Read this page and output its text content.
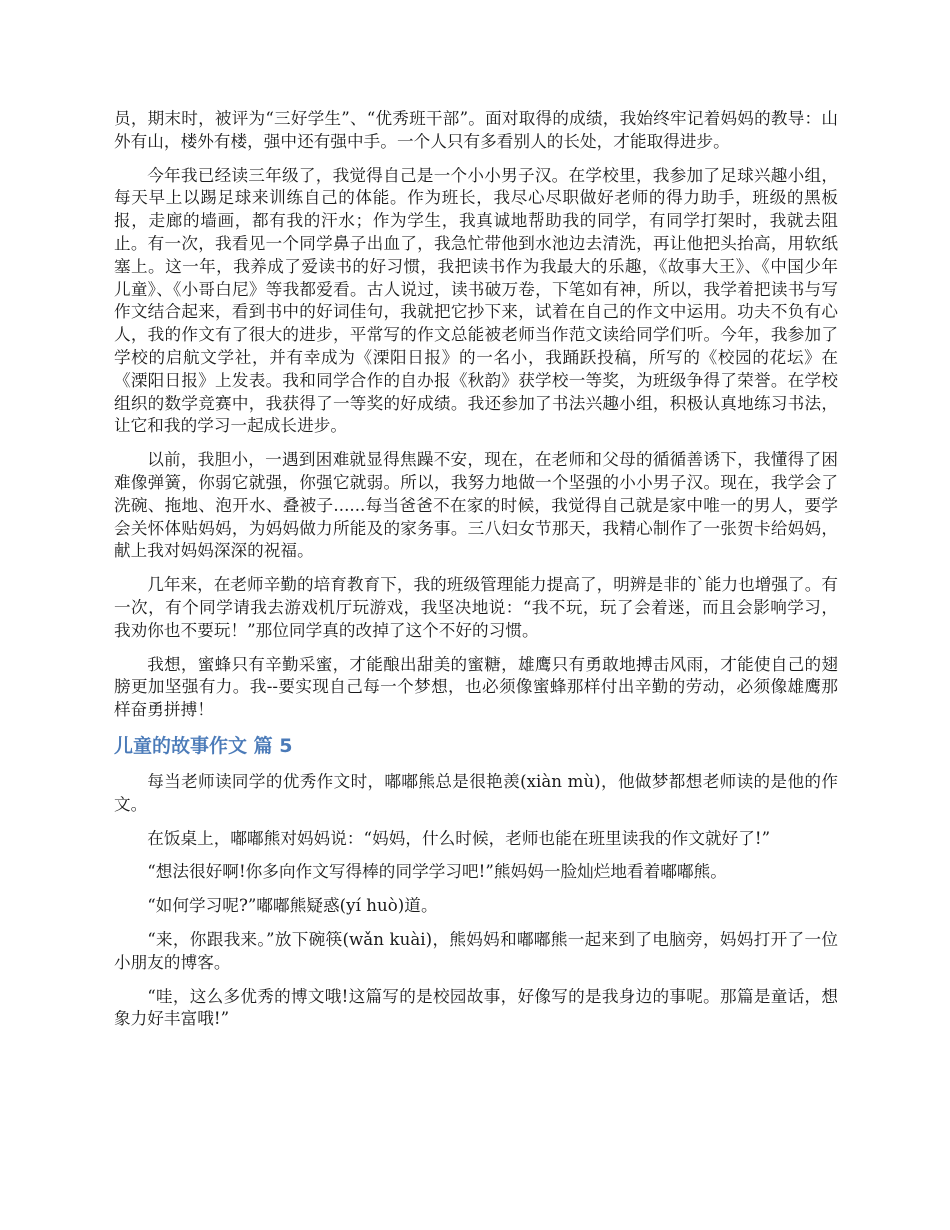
员，期末时，被评为“三好学生”、“优秀班干部”。面对取得的成绩，我始终牢记着妈妈的教导：山外有山，楼外有楼，强中还有强中手。一个人只有多看别人的长处，才能取得进步。

今年我已经读三年级了，我觉得自己是一个小小男子汉。在学校里，我参加了足球兴趣小组，每天早上以踢足球来训练自己的体能。作为班长，我尽心尽职做好老师的得力助手，班级的黑板报，走廊的墙画，都有我的汗水；作为学生，我真诚地帮助我的同学，有同学打架时，我就去阻止。有一次，我看见一个同学鼻子出血了，我急忙带他到水池边去清洗，再让他把头抬高，用软纸塞上。这一年，我养成了爱读书的好习惯，我把读书作为我最大的乐趣，《故事大王》、《中国少年儿童》、《小哥白尼》等我都爱看。古人说过，读书破万卷，下笔如有神，所以，我学着把读书与写作文结合起来，看到书中的好词佳句，我就把它抄下来，试着在自己的作文中运用。功夫不负有心人，我的作文有了很大的进步，平常写的作文总能被老师当作范文读给同学们听。今年，我参加了学校的启航文学社，并有幸成为《溧阳日报》的一名小，我踊跃投稿，所写的《校园的花坛》在《溧阳日报》上发表。我和同学合作的自办报《秋韵》获学校一等奖，为班级争得了荣誉。在学校组织的数学竞赛中，我获得了一等奖的好成绩。我还参加了书法兴趣小组，积极认真地练习书法，让它和我的学习一起成长进步。

以前，我胆小，一遇到困难就显得焦躁不安，现在，在老师和父母的循循善诱下，我懂得了困难像弹簧，你弱它就强，你强它就弱。所以，我努力地做一个坚强的小小男子汉。现在，我学会了洗碗、拖地、泡开水、叠被子......每当爸爸不在家的时候，我觉得自己就是家中唯一的男人，要学会关怀体贴妈妈，为妈妈做力所能及的家务事。三八妇女节那天，我精心制作了一张贺卡给妈妈，献上我对妈妈深深的祝福。

几年来，在老师辛勤的培育教育下，我的班级管理能力提高了，明辨是非的`能力也增强了。有一次，有个同学请我去游戏机厅玩游戏，我坚决地说：“我不玩，玩了会着迷，而且会影响学习，我劝你也不要玩！”那位同学真的改掉了这个不好的习惯。

我想，蜜蜂只有辛勤采蜜，才能酿出甜美的蜜糖，雄鹰只有勇敢地搏击风雨，才能使自己的翅膀更加坚强有力。我--要实现自己每一个梦想，也必须像蜜蜂那样付出辛勤的劳动，必须像雄鹰那样奋勇拼搏！

儿童的故事作文 篇 5

每当老师读同学的优秀作文时，嘟嘟熊总是很艳羡(xiàn mù)，他做梦都想老师读的是他的作文。

在饭桌上，嘟嘟熊对妈妈说：“妈妈，什么时候，老师也能在班里读我的作文就好了!”

“想法很好啊!你多向作文写得棒的同学学习吧!”熊妈妈一脸灿烂地看着嘟嘟熊。

“如何学习呢?”嘟嘟熊疑惑(yí huò)道。

“来，你跟我来。”放下碗筷(wǎn kuài)，熊妈妈和嘟嘟熊一起来到了电脑旁，妈妈打开了一位小朋友的博客。

“哇，这么多优秀的博文哦!这篇写的是校园故事，好像写的是我身边的事呢。那篇是童话，想象力好丰富哦!”
